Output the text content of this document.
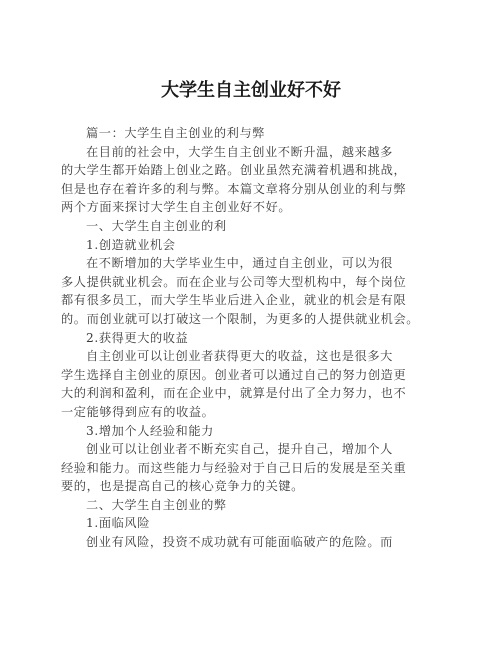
大学生自主创业好不好

篇一：大学生自主创业的利与弊

在目前的社会中，大学生自主创业不断升温，越来越多

的大学生都开始踏上创业之路。创业虽然充满着机遇和挑战，

但是也存在着许多的利与弊。本篇文章将分别从创业的利与弊

两个方面来探讨大学生自主创业好不好。

一、大学生自主创业的利

1.创造就业机会

在不断增加的大学毕业生中，通过自主创业，可以为很

多人提供就业机会。而在企业与公司等大型机构中，每个岗位

都有很多员工，而大学生毕业后进入企业，就业的机会是有限

的。而创业就可以打破这一个限制，为更多的人提供就业机会。

2.获得更大的收益

自主创业可以让创业者获得更大的收益，这也是很多大

学生选择自主创业的原因。创业者可以通过自己的努力创造更

大的利润和盈利，而在企业中，就算是付出了全力努力，也不

一定能够得到应有的收益。

3.增加个人经验和能力

创业可以让创业者不断充实自己，提升自己，增加个人

经验和能力。而这些能力与经验对于自己日后的发展是至关重

要的，也是提高自己的核心竞争力的关键。

二、大学生自主创业的弊

1.面临风险

创业有风险，投资不成功就有可能面临破产的危险。而
